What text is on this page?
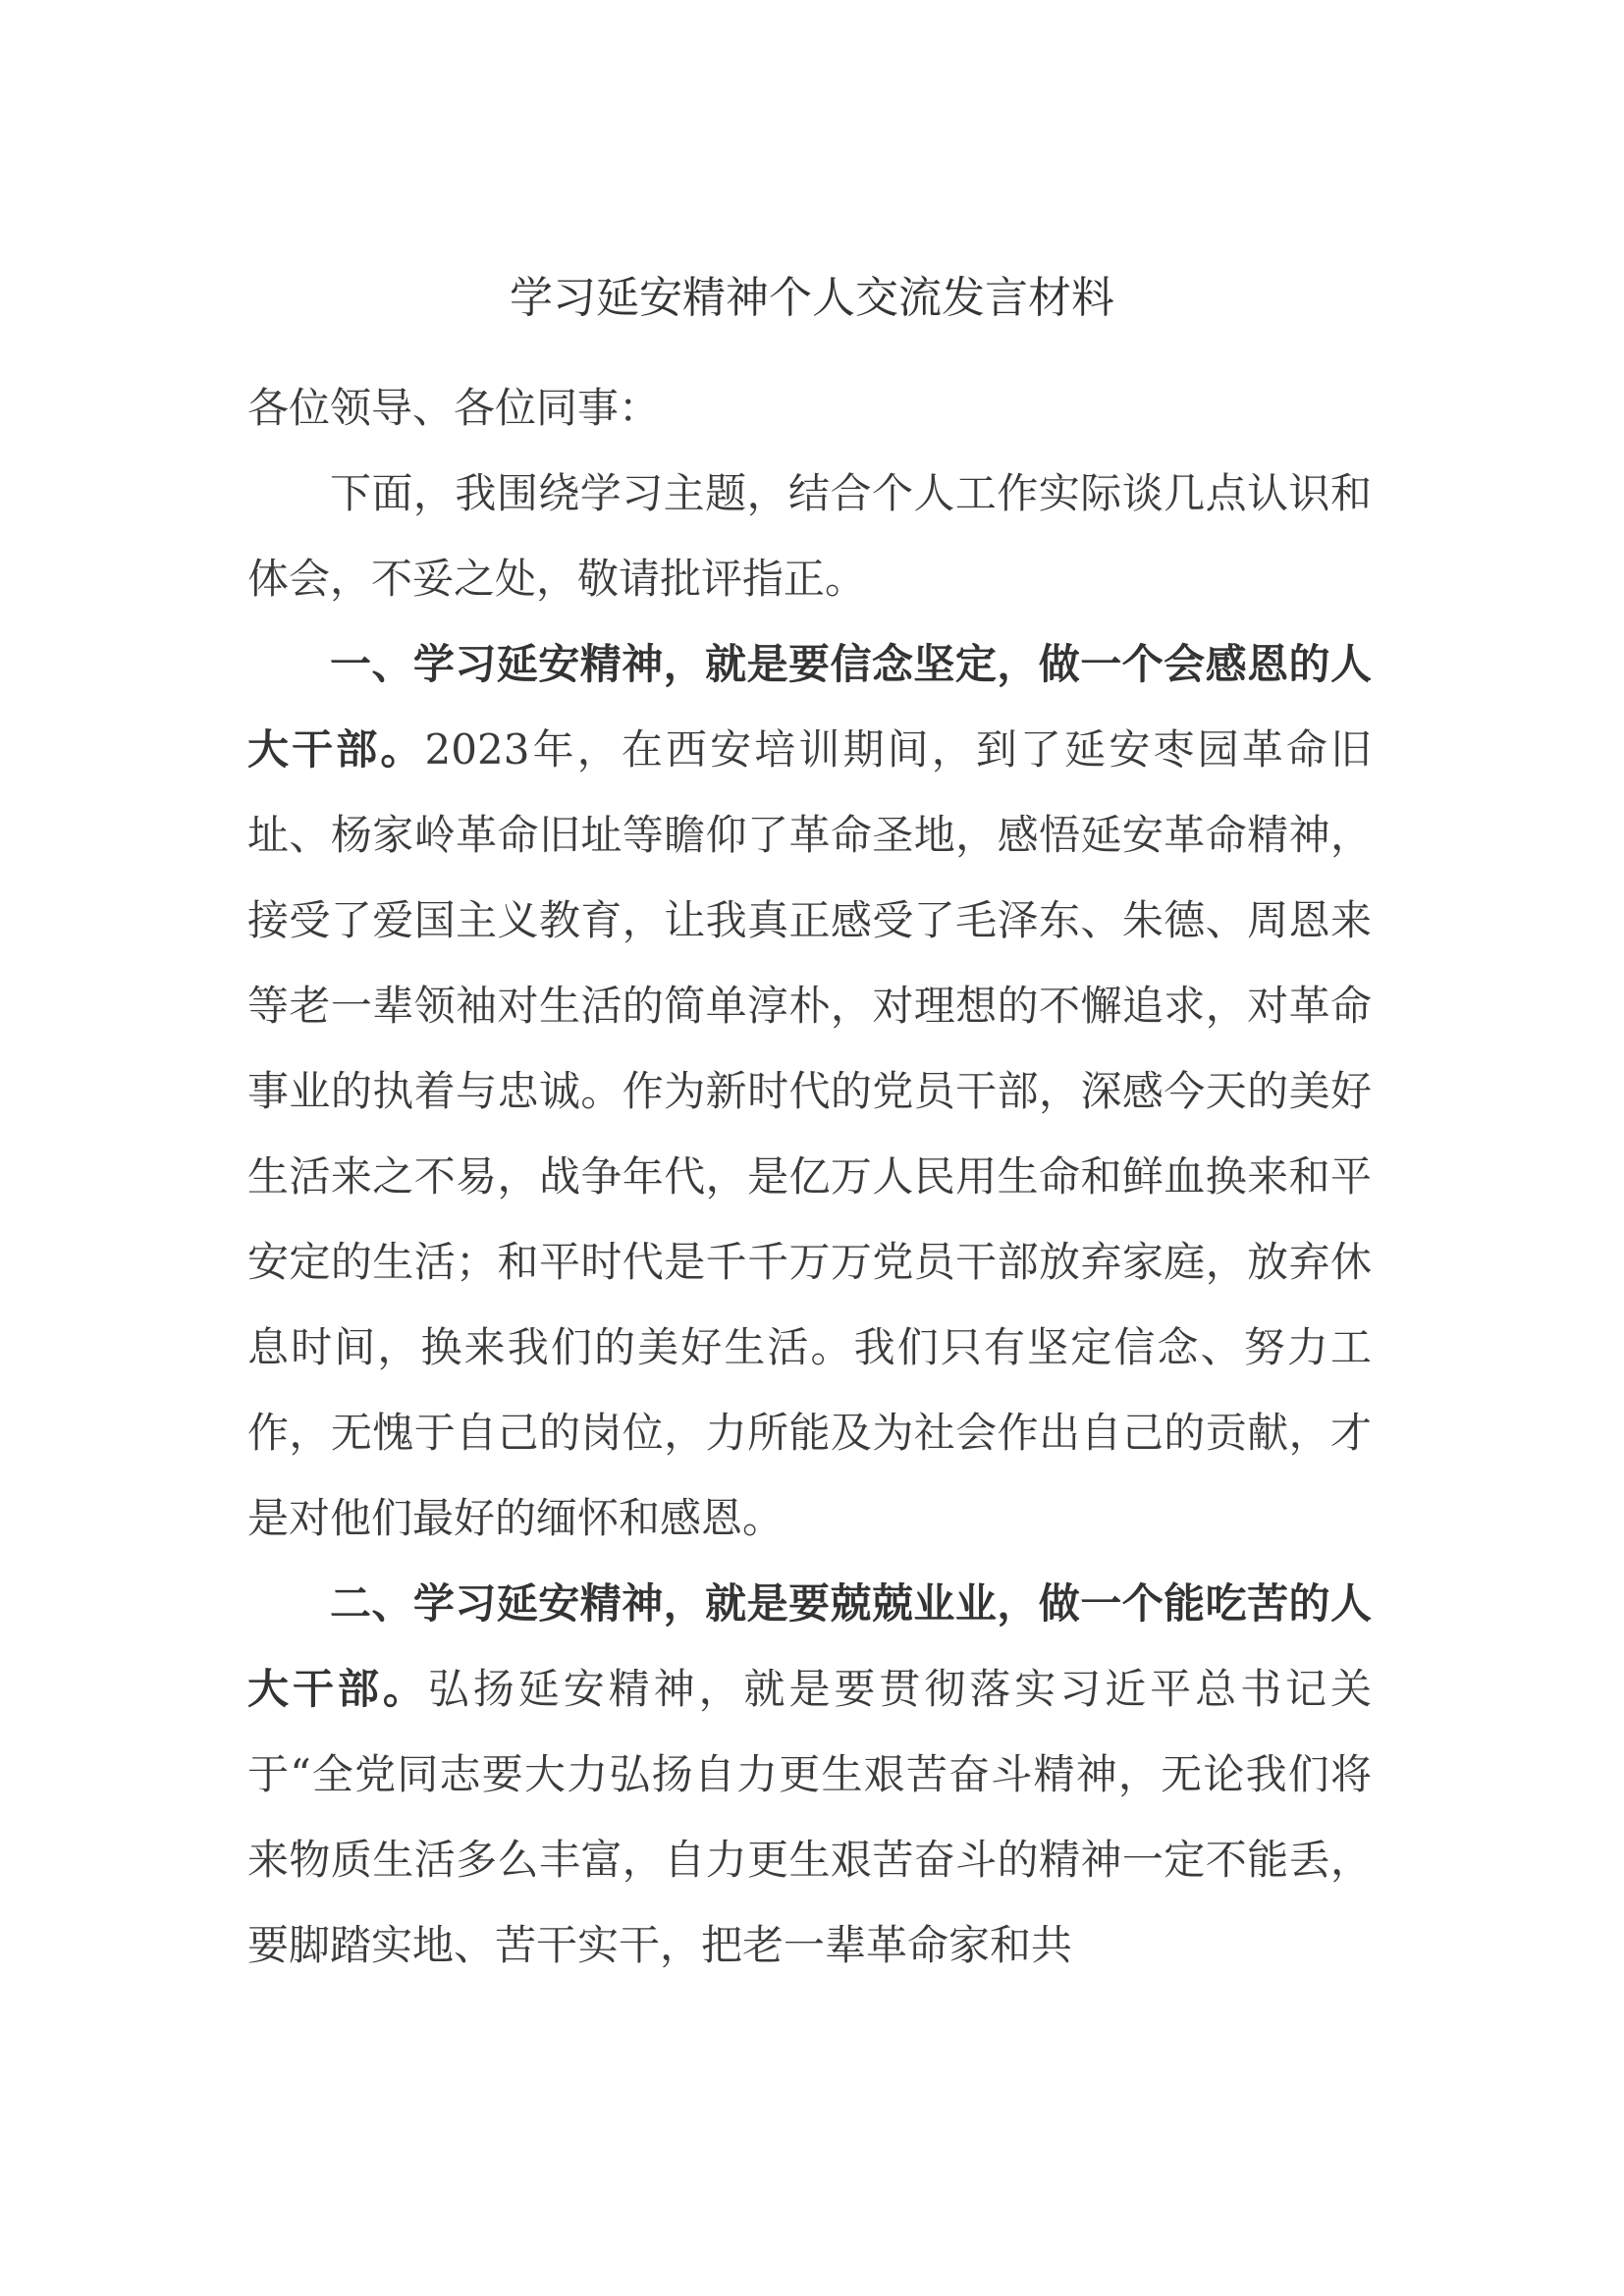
学习延安精神个人交流发言材料

各位领导、各位同事：

下面，我围绕学习主题，结合个人工作实际谈几点认识和体会，不妥之处，敬请批评指正。

一、学习延安精神，就是要信念坚定，做一个会感恩的人大干部。2023年，在西安培训期间，到了延安枣园革命旧址、杨家岭革命旧址等瞻仰了革命圣地，感悟延安革命精神，接受了爱国主义教育，让我真正感受了毛泽东、朱德、周恩来等老一辈领袖对生活的简单淳朴，对理想的不懈追求，对革命事业的执着与忠诚。作为新时代的党员干部，深感今天的美好生活来之不易，战争年代，是亿万人民用生命和鲜血换来和平安定的生活；和平时代是千千万万党员干部放弃家庭，放弃休息时间，换来我们的美好生活。我们只有坚定信念、努力工作，无愧于自己的岗位，力所能及为社会作出自己的贡献，才是对他们最好的缅怀和感恩。

二、学习延安精神，就是要兢兢业业，做一个能吃苦的人大干部。弘扬延安精神，就是要贯彻落实习近平总书记关于“全党同志要大力弘扬自力更生艰苦奋斗精神，无论我们将来物质生活多么丰富，自力更生艰苦奋斗的精神一定不能丢，要脚踏实地、苦干实干，把老一辈革命家和共
